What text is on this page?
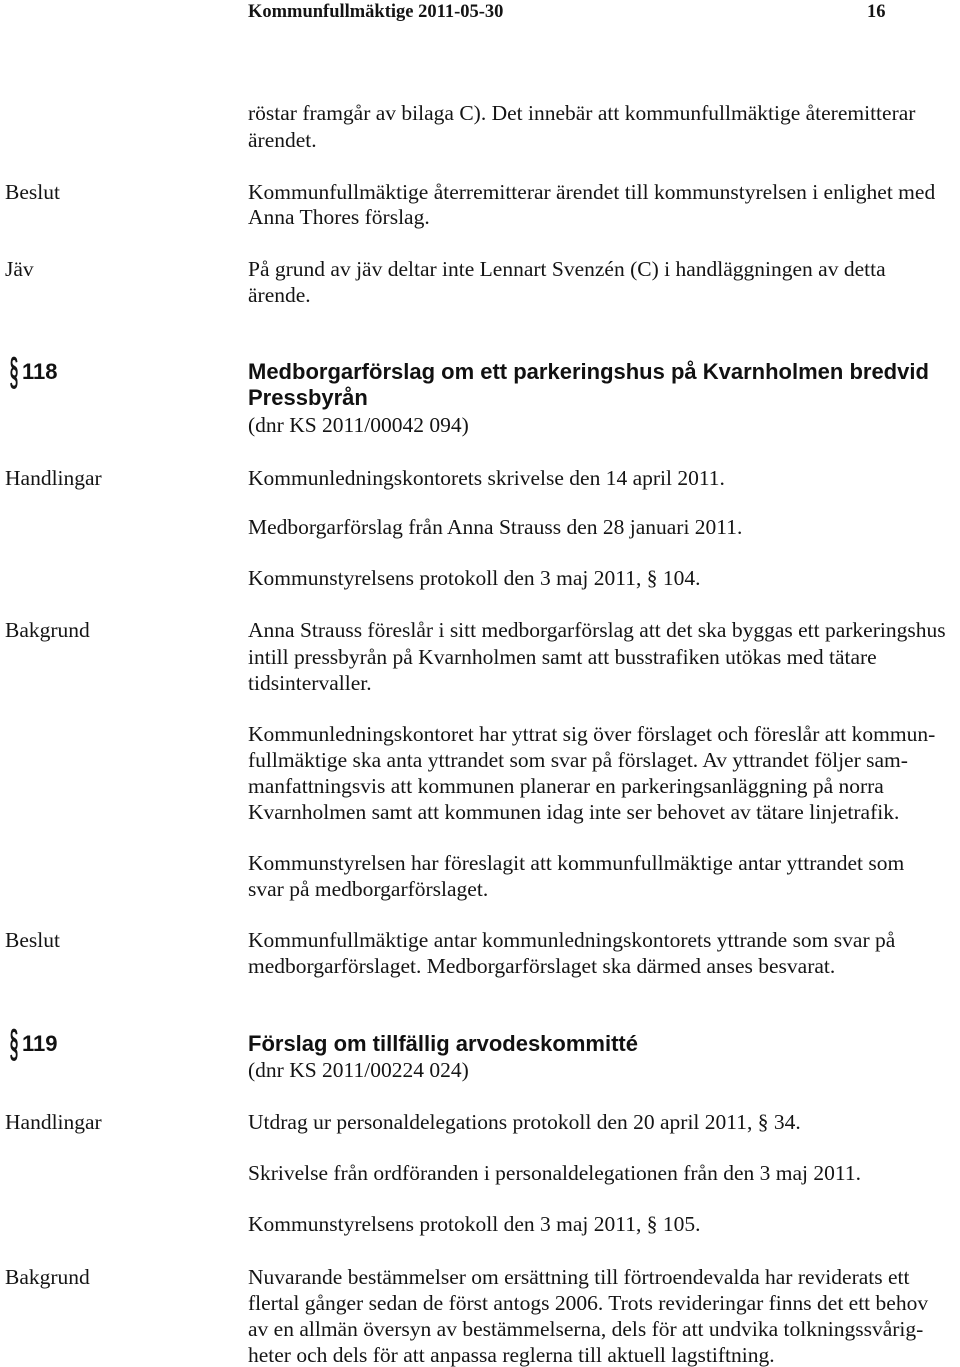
Kommunfullmäktige 2011-05-30	16
röstar framgår av bilaga C). Det innebär att kommunfullmäktige återemitterar
ärendet.
Beslut	Kommunfullmäktige återremitterar ärendet till kommunstyrelsen i enlighet med
Anna Thores förslag.
Jäv	På grund av jäv deltar inte Lennart Svenzén (C) i handläggningen av detta
ärende.
§ 118	Medborgarförslag om ett parkeringshus på Kvarnholmen bredvid
Pressbyrån
(dnr KS 2011/00042 094)
Handlingar	Kommunledningskontorets skrivelse den 14 april 2011.
Medborgarförslag från Anna Strauss den 28 januari 2011.
Kommunstyrelsens protokoll den 3 maj 2011, § 104.
Bakgrund	Anna Strauss föreslår i sitt medborgarförslag att det ska byggas ett parkeringshus
intill pressbyrån på Kvarnholmen samt att busstrafiken utökas med tätare
tidsintervaller.
Kommunledningskontoret har yttrat sig över förslaget och föreslår att kommun-
fullmäktige ska anta yttrandet som svar på förslaget. Av yttrandet följer sam-
manfattningsvis att kommunen planerar en parkeringsanläggning på norra
Kvarnholmen samt att kommunen idag inte ser behovet av tätare linjetrafik.
Kommunstyrelsen har föreslagit att kommunfullmäktige antar yttrandet som
svar på medborgarförslaget.
Beslut	Kommunfullmäktige antar kommunledningskontorets yttrande som svar på
medborgarförslaget. Medborgarförslaget ska därmed anses besvarat.
§ 119	Förslag om tillfällig arvodeskommitté
(dnr KS 2011/00224 024)
Handlingar	Utdrag ur personaldelegations protokoll den 20 april 2011, § 34.
Skrivelse från ordföranden i personaldelegationen från den 3 maj 2011.
Kommunstyrelsens protokoll den 3 maj 2011, § 105.
Bakgrund	Nuvarande bestämmelser om ersättning till förtroendevalda har reviderats ett
flertal gånger sedan de först antogs 2006. Trots revideringar finns det ett behov
av en allmän översyn av bestämmelserna, dels för att undvika tolkningssvårig-
heter och dels för att anpassa reglerna till aktuell lagstiftning.
